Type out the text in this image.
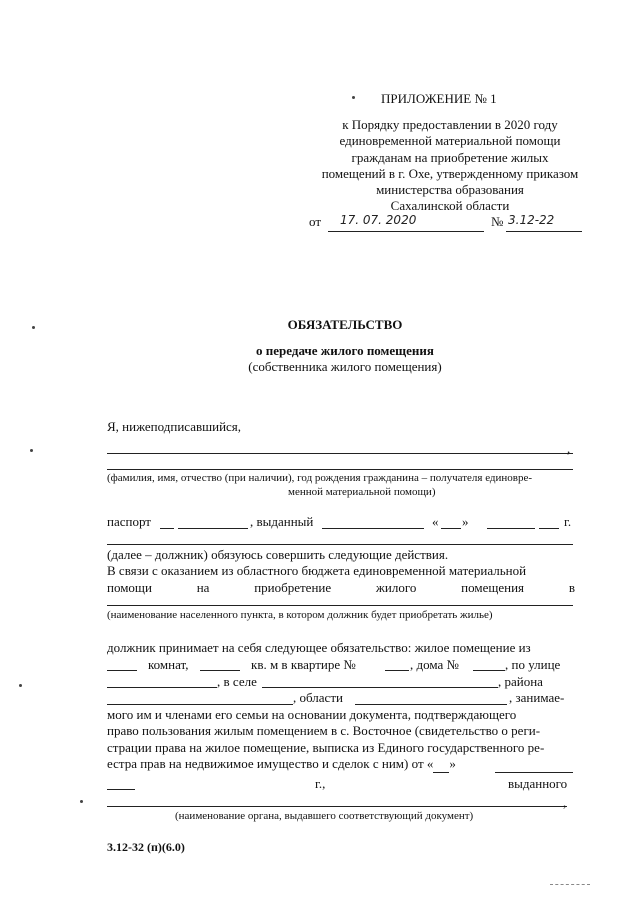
ПРИЛОЖЕНИЕ № 1
к Порядку предоставлении в 2020 году
единовременной материальной помощи
гражданам на приобретение жилых
помещений в г. Охе, утвержденному приказом
министерства образования
Сахалинской области
от 17. 07. 2020	№ 3.12-22
ОБЯЗАТЕЛЬСТВО
о передаче жилого помещения
(собственника жилого помещения)
Я, нижеподписавшийся,
,
(фамилия, имя, отчество (при наличии), год рождения гражданина – получателя единовре-
менной материальной помощи)
паспорт	, выданный	« »	г.
(далее – должник) обязуюсь совершить следующие действия.
В связи с оказанием из областного бюджета единовременной материальной
помощи	на	приобретение	жилого	помещения	в
(наименование населенного пункта, в котором должник будет приобретать жилье)
должник принимает на себя следующее обязательство: жилое помещение из
комнат,	кв. м в квартире №	, дома №	, по улице
, в селе	, района
, области	, занимае-
мого им и членами его семьи на основании документа, подтверждающего
право пользования жилым помещением в с. Восточное (свидетельство о реги-
страции права на жилое помещение, выписка из Единого государственного ре-
естра прав на недвижимое имущество и сделок с ним) от « »
г.,	выданного
,
(наименование органа, выдавшего соответствующий документ)
3.12-32 (п)(6.0)
